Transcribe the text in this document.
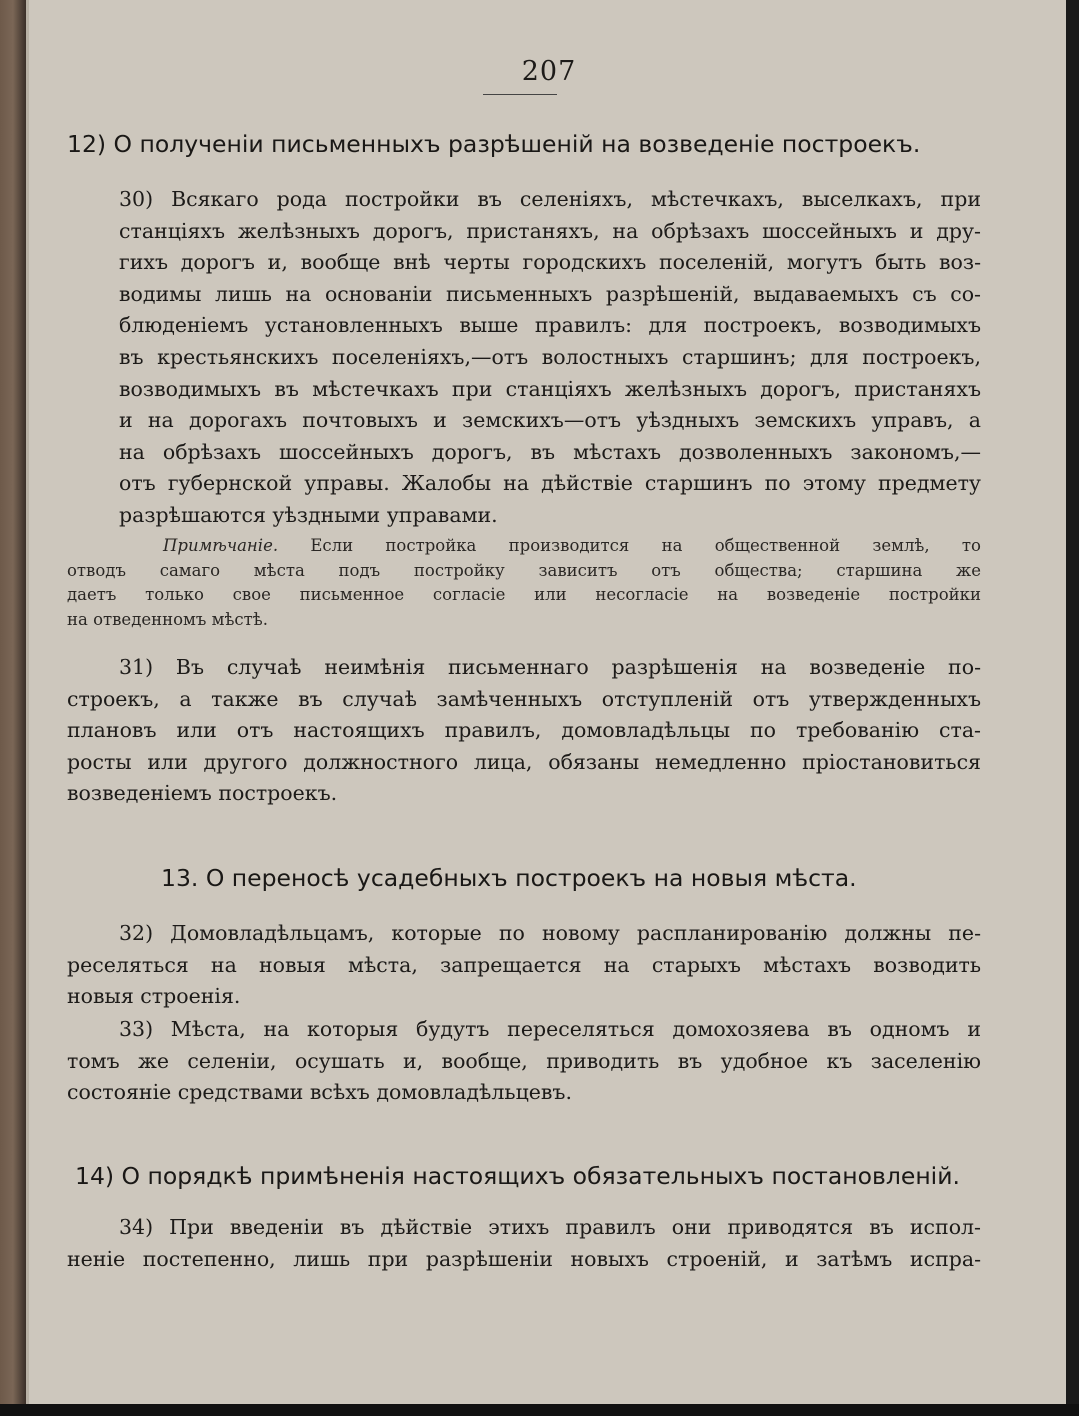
207
12) О полученіи письменныхъ разрѣшеній на возведеніе построекъ.
30) Всякаго рода постройки въ селеніяхъ, мѣстечкахъ, выселкахъ, при
станціяхъ желѣзныхъ дорогъ, пристаняхъ, на обрѣзахъ шоссейныхъ и дру-
гихъ дорогъ и, вообще внѣ черты городскихъ поселеній, могутъ быть воз-
водимы лишь на основаніи письменныхъ разрѣшеній, выдаваемыхъ съ со-
блюденіемъ установленныхъ выше правилъ: для построекъ, возводимыхъ
въ крестьянскихъ поселеніяхъ,—отъ волостныхъ старшинъ; для построекъ,
возводимыхъ въ мѣстечкахъ при станціяхъ желѣзныхъ дорогъ, пристаняхъ
и на дорогахъ почтовыхъ и земскихъ—отъ уѣздныхъ земскихъ управъ, а
на обрѣзахъ шоссейныхъ дорогъ, въ мѣстахъ дозволенныхъ закономъ,—
отъ губернской управы. Жалобы на дѣйствіе старшинъ по этому предмету
разрѣшаются уѣздными управами.
Примѣчаніе. Если постройка производится на общественной землѣ, то
отводъ самаго мѣста подъ постройку зависитъ отъ общества; старшина же
даетъ только свое письменное согласіе или несогласіе на возведеніе постройки
на отведенномъ мѣстѣ.
31) Въ случаѣ неимѣнія письменнаго разрѣшенія на возведеніе по-
строекъ, а также въ случаѣ замѣченныхъ отступленій отъ утвержденныхъ
плановъ или отъ настоящихъ правилъ, домовладѣльцы по требованію ста-
росты или другого должностного лица, обязаны немедленно пріостановиться
возведеніемъ построекъ.
13. О переносѣ усадебныхъ построекъ на новыя мѣста.
32) Домовладѣльцамъ, которые по новому распланированію должны пе-
реселяться на новыя мѣста, запрещается на старыхъ мѣстахъ возводить
новыя строенія.
33) Мѣста, на которыя будутъ переселяться домохозяева въ одномъ и
томъ же селеніи, осушать и, вообще, приводить въ удобное къ заселенію
состояніе средствами всѣхъ домовладѣльцевъ.
14) О порядкѣ примѣненія настоящихъ обязательныхъ постановленій.
34) При введеніи въ дѣйствіе этихъ правилъ они приводятся въ испол-
неніе постепенно, лишь при разрѣшеніи новыхъ строеній, и затѣмъ испра-
